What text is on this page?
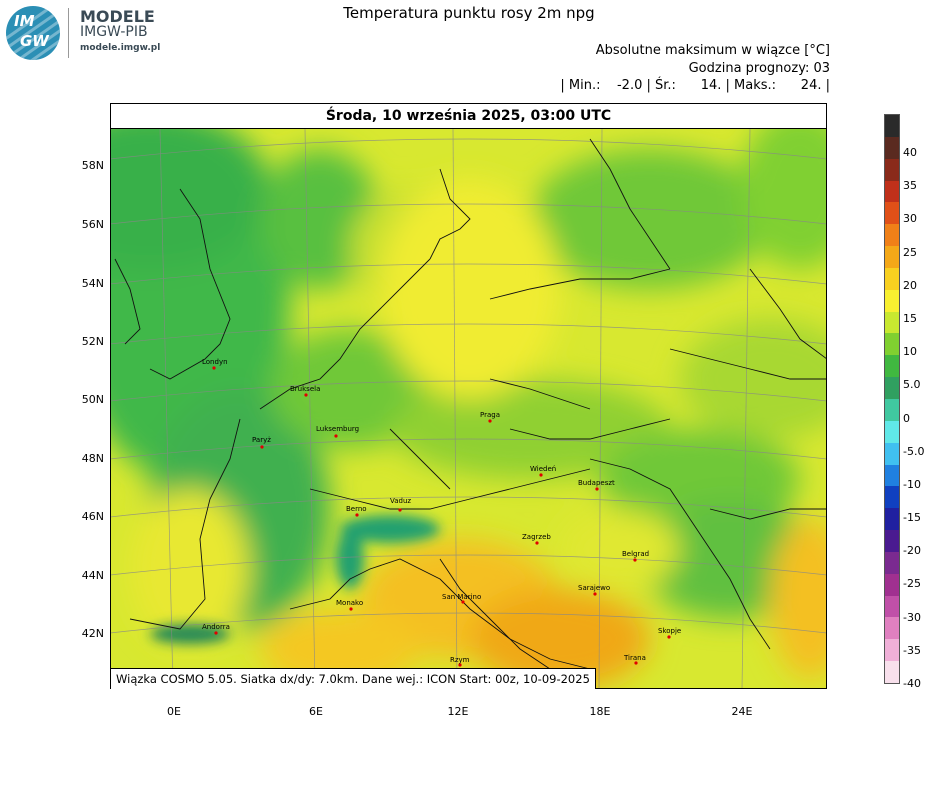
IM
GW
MODELE
IMGW-PIB
modele.imgw.pl
Temperatura punktu rosy 2m npg
Absolutne maksimum w wiązce [°C]
Godzina prognozy: 03
| Min.:    -2.0 | Śr.:      14. | Maks.:      24. |
Londyn
Bruksela
Paryż
Luksemburg
Praga
Wiedeń
Budapeszt
Berno
Vaduz
Zagrzeb
Belgrad
Monako
San Marino
Sarajewo
Andorra	Skopje
Tirana
Rzym
Środa, 10 września 2025, 03:00 UTC
Wiązka COSMO 5.05. Siatka dx/dy: 7.0km. Dane wej.: ICON Start: 00z, 10-09-2025
58N
56N
54N
52N
50N
48N
46N
44N
42N
0E	6E	12E	18E	24E
40
35
30
25
20
15
10
5.0
0
-5.0
-10
-15
-20
-25
-30
-35
-40
